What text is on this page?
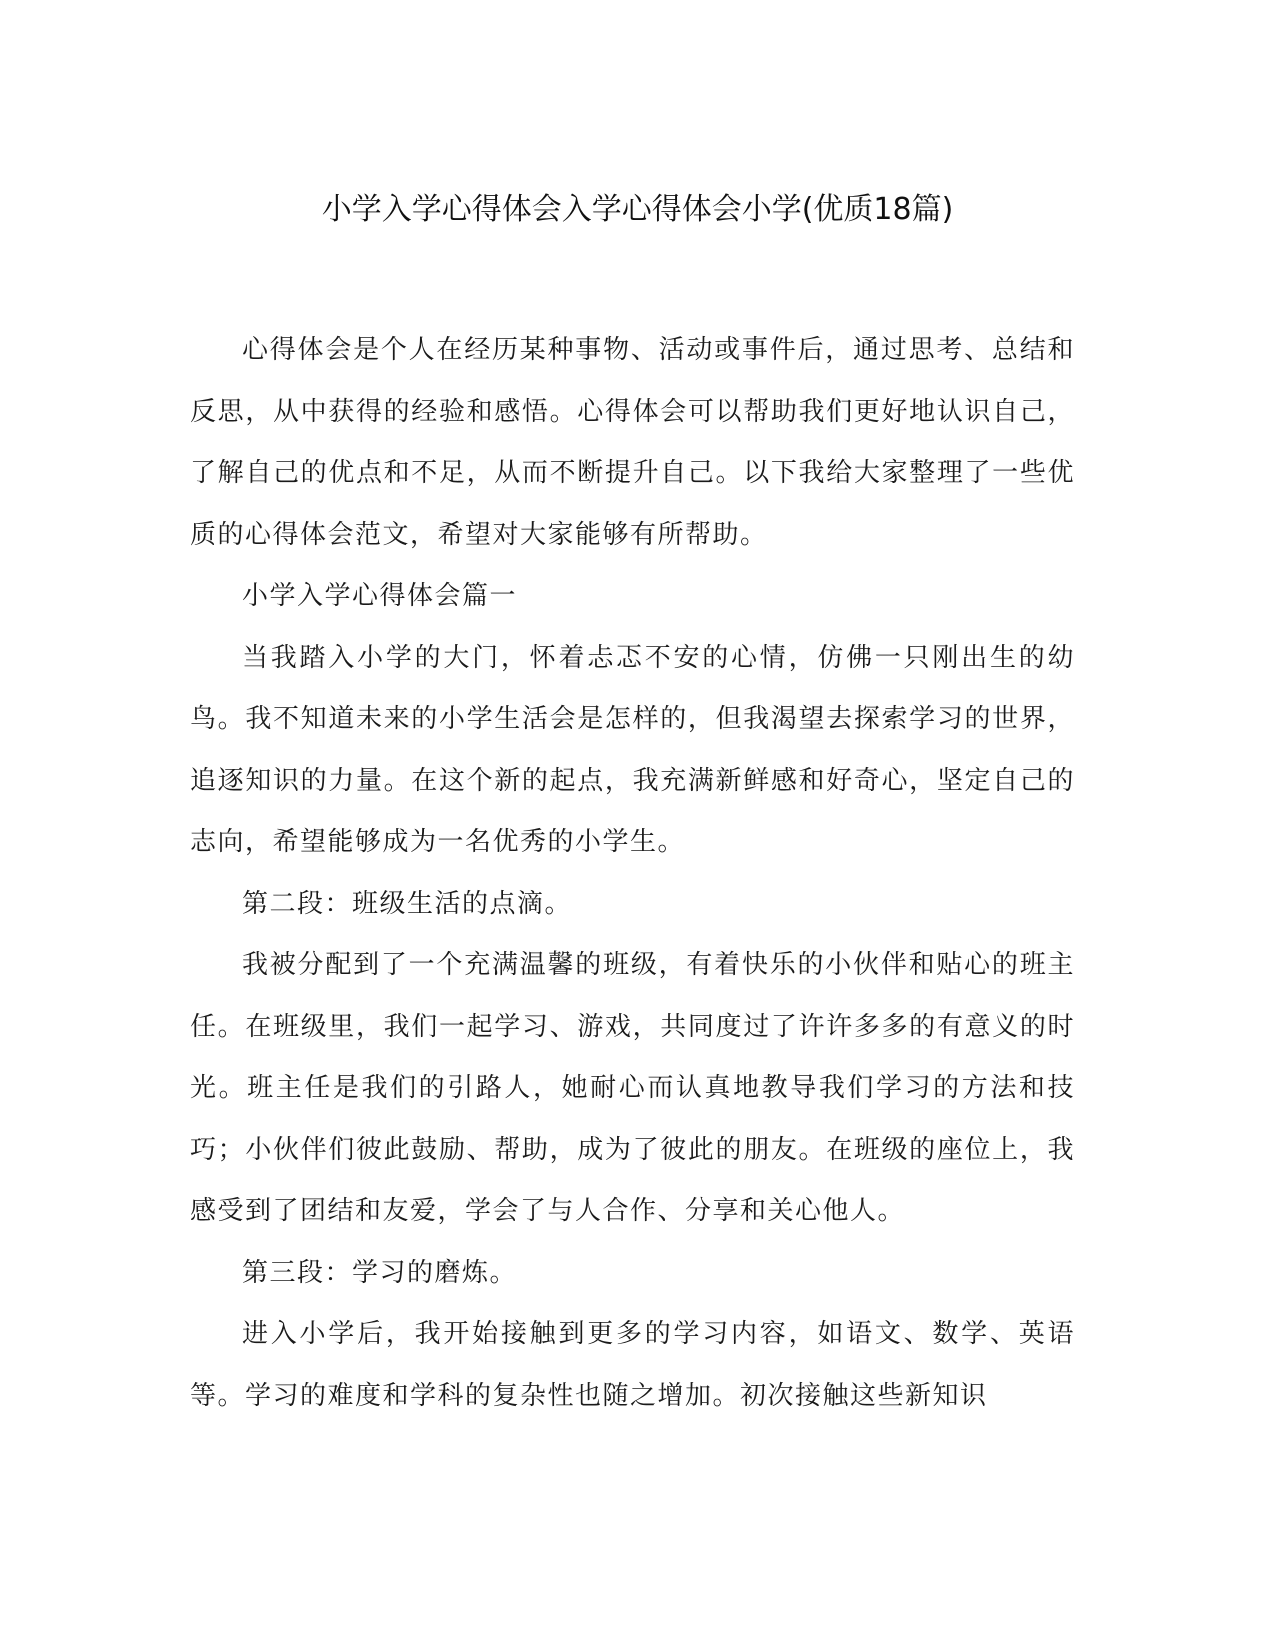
小学入学心得体会入学心得体会小学(优质18篇)

心得体会是个人在经历某种事物、活动或事件后，通过思考、总结和反思，从中获得的经验和感悟。心得体会可以帮助我们更好地认识自己，了解自己的优点和不足，从而不断提升自己。以下我给大家整理了一些优质的心得体会范文，希望对大家能够有所帮助。

小学入学心得体会篇一

当我踏入小学的大门，怀着忐忑不安的心情，仿佛一只刚出生的幼鸟。我不知道未来的小学生活会是怎样的，但我渴望去探索学习的世界，追逐知识的力量。在这个新的起点，我充满新鲜感和好奇心，坚定自己的志向，希望能够成为一名优秀的小学生。

第二段：班级生活的点滴。

我被分配到了一个充满温馨的班级，有着快乐的小伙伴和贴心的班主任。在班级里，我们一起学习、游戏，共同度过了许许多多的有意义的时光。班主任是我们的引路人，她耐心而认真地教导我们学习的方法和技巧；小伙伴们彼此鼓励、帮助，成为了彼此的朋友。在班级的座位上，我感受到了团结和友爱，学会了与人合作、分享和关心他人。

第三段：学习的磨炼。

进入小学后，我开始接触到更多的学习内容，如语文、数学、英语等。学习的难度和学科的复杂性也随之增加。初次接触这些新知识
